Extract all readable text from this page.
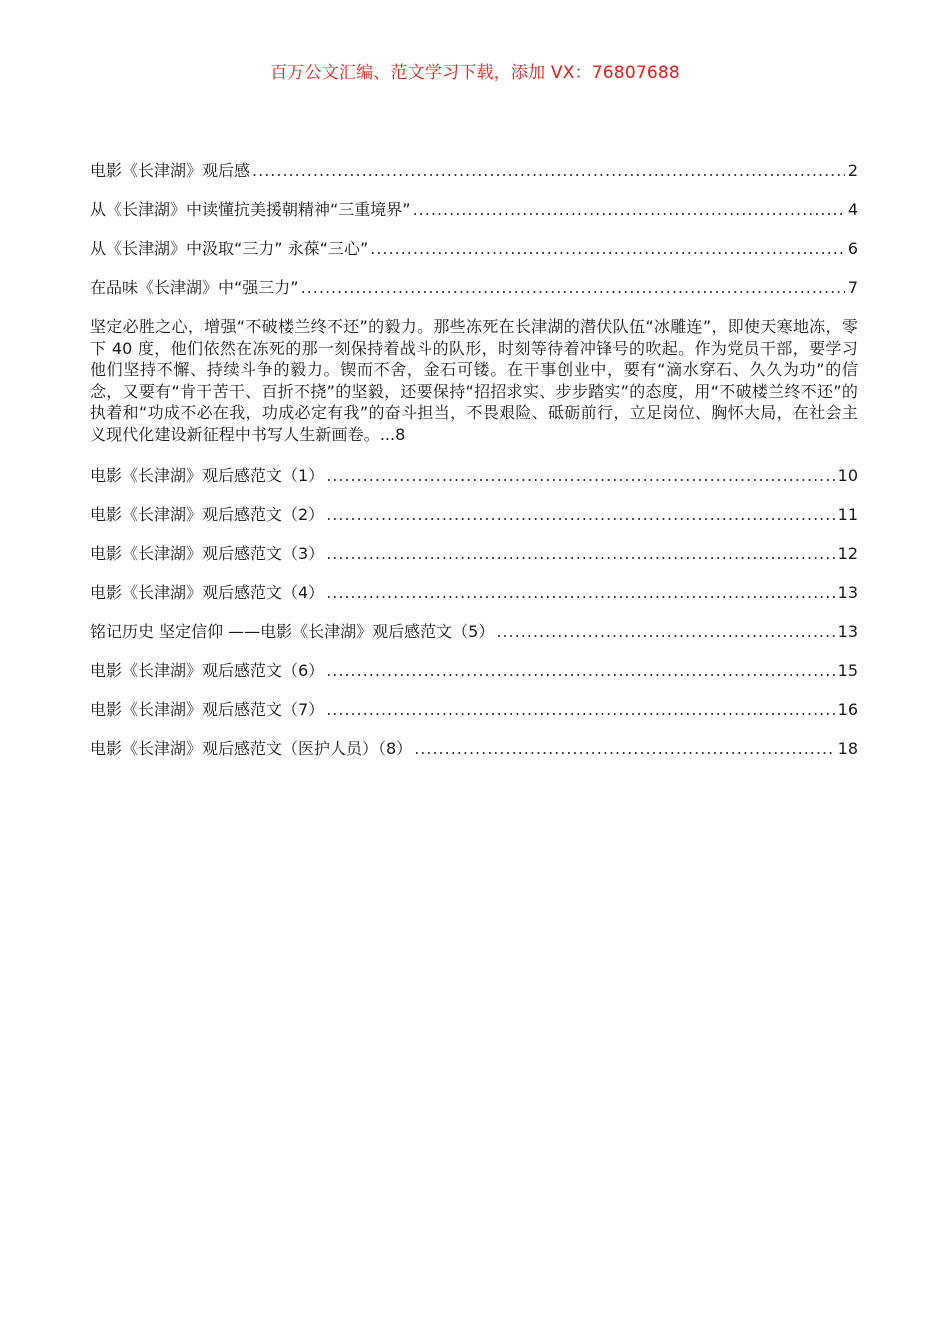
百万公文汇编、范文学习下载，添加 VX：76807688
电影《长津湖》观后感 .....	2
从《长津湖》中读懂抗美援朝精神“三重境界” .....	4
从《长津湖》中汲取“三力” 永葆“三心” .....	6
在品味《长津湖》中“强三力” .....	7
坚定必胜之心，增强“不破楼兰终不还”的毅力。那些冻死在长津湖的潜伏队伍“冰雕连”，即使天寒地冻，零下 40 度，他们依然在冻死的那一刻保持着战斗的队形，时刻等待着冲锋号的吹起。作为党员干部，要学习他们坚持不懈、持续斗争的毅力。锲而不舍，金石可镂。在干事创业中，要有“滴水穿石、久久为功”的信念，又要有“肯干苦干、百折不挠”的坚毅，还要保持“招招求实、步步踏实”的态度，用“不破楼兰终不还”的执着和“功成不必在我，功成必定有我”的奋斗担当，不畏艰险、砥砺前行，立足岗位、胸怀大局，在社会主义现代化建设新征程中书写人生新画卷。...8
电影《长津湖》观后感范文（1） .....	10
电影《长津湖》观后感范文（2） .....	11
电影《长津湖》观后感范文（3） .....	12
电影《长津湖》观后感范文（4） .....	13
铭记历史 坚定信仰 ——电影《长津湖》观后感范文（5） .....	13
电影《长津湖》观后感范文（6） .....	15
电影《长津湖》观后感范文（7） .....	16
电影《长津湖》观后感范文（医护人员）（8） .....	18
